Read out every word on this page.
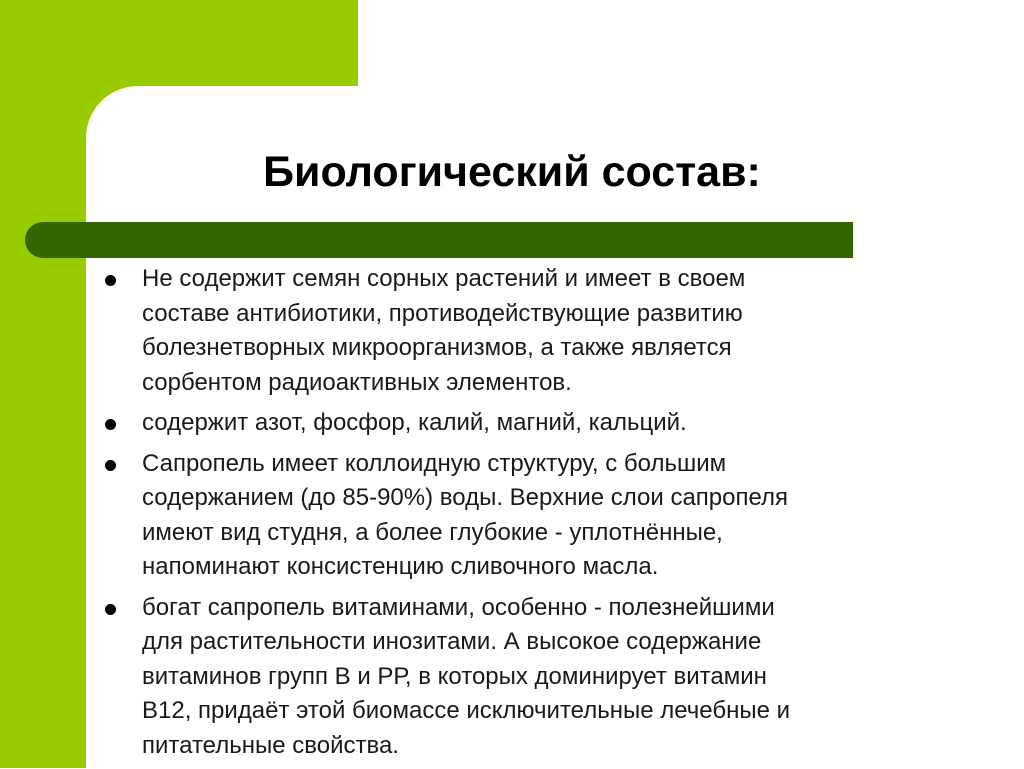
Биологический состав:
Не содержит семян сорных растений и имеет в своем
составе антибиотики, противодействующие развитию
болезнетворных микроорганизмов, а также является
сорбентом радиоактивных элементов.
содержит азот, фосфор, калий, магний, кальций.
Сапропель имеет коллоидную структуру, с большим
содержанием (до 85-90%) воды. Верхние слои сапропеля
имеют вид студня, а более глубокие - уплотнённые,
напоминают консистенцию сливочного масла.
богат сапропель витаминами, особенно - полезнейшими
для растительности инозитами. А высокое содержание
витаминов групп В и РР, в которых доминирует витамин
В12, придаёт этой биомассе исключительные лечебные и
питательные свойства.
